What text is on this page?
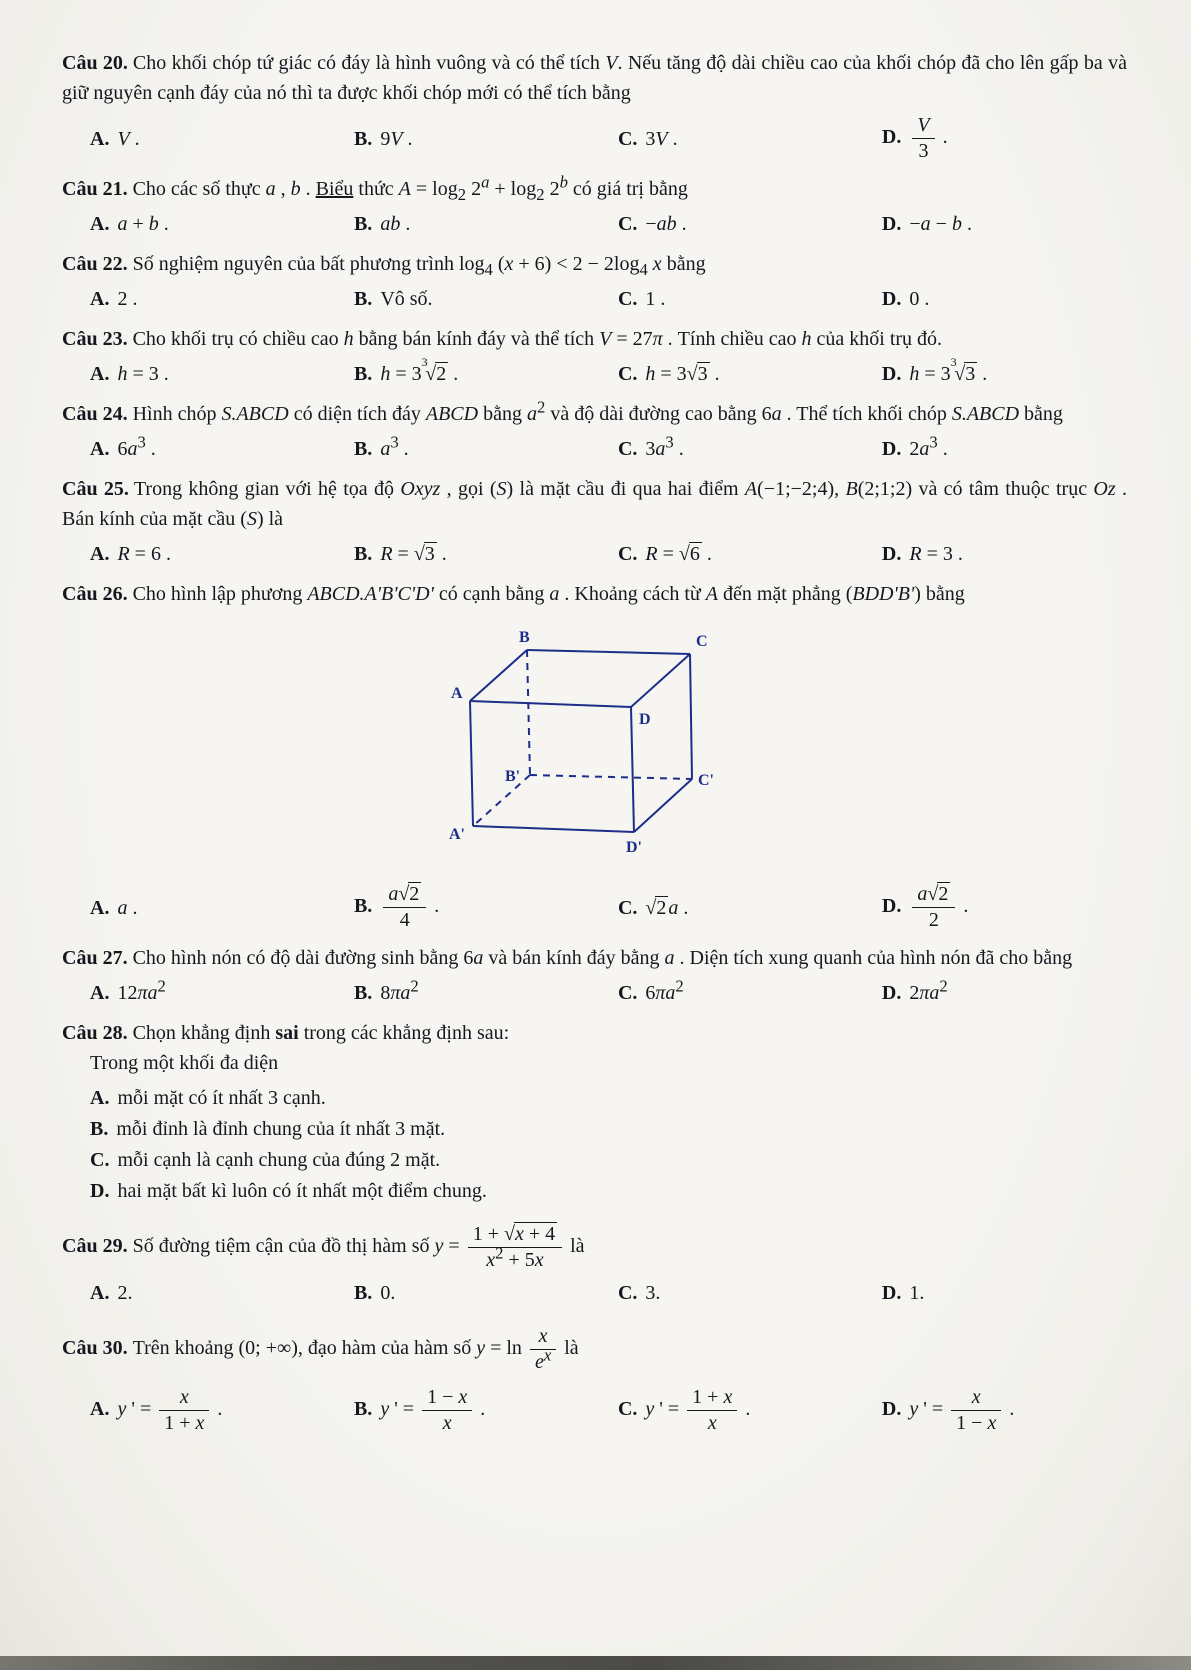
Câu 20. Cho khối chóp tứ giác có đáy là hình vuông và có thể tích V. Nếu tăng độ dài chiều cao của khối chóp đã cho lên gấp ba và giữ nguyên cạnh đáy của nó thì ta được khối chóp mới có thể tích bằng

A. V .	B. 9V .	C. 3V .	D. $\frac{V}{3}$ .

Câu 21. Cho các số thực a , b . Biểu thức $A = \log_2 2^a + \log_2 2^b$ có giá trị bằng

A. a + b .	B. ab .	C. −ab .	D. −a − b .

Câu 22. Số nghiệm nguyên của bất phương trình $\log_4 (x + 6) < 2 - 2\log_4$ x bằng

A. 2 .	B. Vô số.	C. 1 .	D. 0 .

Câu 23. Cho khối trụ có chiều cao h bằng bán kính đáy và thể tích V = 27π . Tính chiều cao h của khối trụ đó.

A. h = 3 .	B. $h = 3^3√2$ .	C. h = 3√3 .	D. $h = 3^3√3$ .

Câu 24. Hình chóp S.ABCD có diện tích đáy ABCD bằng $a^2$ và độ dài đường cao bằng 6a . Thể tích khối chóp S.ABCD bằng

A. $6a^3$ .	B. $a^3$ .	C. $3a^3$ .	D. $2a^3$ .

Câu 25. Trong không gian với hệ tọa độ Oxyz , gọi (S) là mặt cầu đi qua hai điểm A(−1;−2;4), B(2;1;2) và có tâm thuộc trục Oz . Bán kính của mặt cầu (S) là

A. R = 6 .	B. R = √3 .	C. R = √6 .	D. R = 3 .

Câu 26. Cho hình lập phương ABCD.A'B'C'D' có cạnh bằng a . Khoảng cách từ A đến mặt phẳng (BDD'B') bằng

B	C
A
D
B'	C'
A'
D'
A. a .	B. $\frac{a√2}{4}$ .	C. √2 a .	D. $\frac{a√2}{2}$ .

Câu 27. Cho hình nón có độ dài đường sinh bằng 6a và bán kính đáy bằng a . Diện tích xung quanh của hình nón đã cho bằng

A. $12\pi a^2$	B. $8\pi a^2$	C. $6\pi a^2$	D. $2\pi a^2$

Câu 28. Chọn khẳng định sai trong các khẳng định sau:

Trong một khối đa diện

A. mỗi mặt có ít nhất 3 cạnh.
B. mỗi đỉnh là đỉnh chung của ít nhất 3 mặt.
C. mỗi cạnh là cạnh chung của đúng 2 mặt.
D. hai mặt bất kì luôn có ít nhất một điểm chung.

Câu 29. Số đường tiệm cận của đồ thị hàm số $y = \frac{1 + √x + 4}{x^2 + 5x}$ là

A. 2.	B. 0.	C. 3.	D. 1.

Câu 30. Trên khoảng (0; +∞), đạo hàm của hàm số $y = \ln \frac{x}{e^x}$ là

A. y ' = $\frac{x}{1 + x}$ .	B. y ' = $\frac{1 - x}{x}$ .	C. y ' = $\frac{1 + x}{x}$ .	D. y ' = $\frac{x}{1 - x}$ .
